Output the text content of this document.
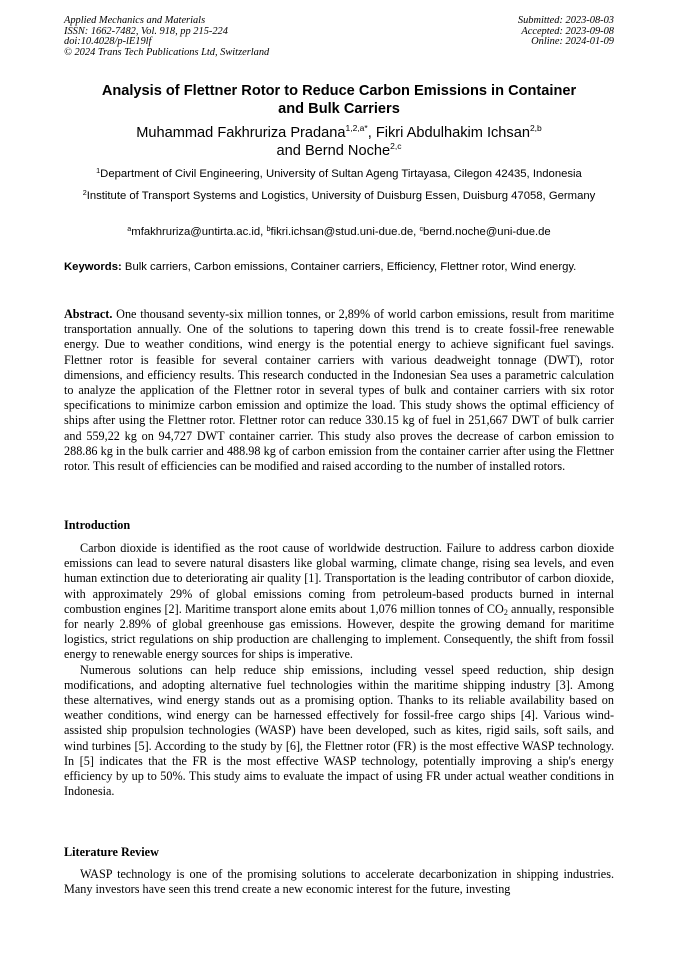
Applied Mechanics and Materials
ISSN: 1662-7482, Vol. 918, pp 215-224
doi:10.4028/p-lE19lf
© 2024 Trans Tech Publications Ltd, Switzerland
Submitted: 2023-08-03
Accepted: 2023-09-08
Online: 2024-01-09
Analysis of Flettner Rotor to Reduce Carbon Emissions in Container
and Bulk Carriers
Muhammad Fakhruriza Pradana$^{1,2,a*}$, Fikri Abdulhakim Ichsan$^{2,b}$
and Bernd Noche$^{2,c}$
$^1$Department of Civil Engineering, University of Sultan Ageng Tirtayasa, Cilegon 42435, Indonesia
$^2$Institute of Transport Systems and Logistics, University of Duisburg Essen, Duisburg 47058, Germany
$^a$mfakhruriza@untirta.ac.id, $^b$fikri.ichsan@stud.uni-due.de, $^c$bernd.noche@uni-due.de
Keywords: Bulk carriers, Carbon emissions, Container carriers, Efficiency, Flettner rotor, Wind energy.
Abstract. One thousand seventy-six million tonnes, or 2,89% of world carbon emissions, result from maritime transportation annually. One of the solutions to tapering down this trend is to create fossil-free renewable energy. Due to weather conditions, wind energy is the potential energy to achieve significant fuel savings. Flettner rotor is feasible for several container carriers with various deadweight tonnage (DWT), rotor dimensions, and efficiency results. This research conducted in the Indonesian Sea uses a parametric calculation to analyze the application of the Flettner rotor in several types of bulk and container carriers with six rotor specifications to minimize carbon emission and optimize the load. This study shows the optimal efficiency of ships after using the Flettner rotor. Flettner rotor can reduce 330.15 kg of fuel in 251,667 DWT of bulk carrier and 559,22 kg on 94,727 DWT container carrier. This study also proves the decrease of carbon emission to 288.86 kg in the bulk carrier and 488.98 kg of carbon emission from the container carrier after using the Flettner rotor. This result of efficiencies can be modified and raised according to the number of installed rotors.
Introduction

Carbon dioxide is identified as the root cause of worldwide destruction. Failure to address carbon dioxide emissions can lead to severe natural disasters like global warming, climate change, rising sea levels, and even human extinction due to deteriorating air quality [1]. Transportation is the leading contributor of carbon dioxide, with approximately 29% of global emissions coming from petroleum-based products burned in internal combustion engines [2]. Maritime transport alone emits about 1,076 million tonnes of $CO_2$ annually, responsible for nearly 2.89% of global greenhouse gas emissions. However, despite the growing demand for maritime logistics, strict regulations on ship production are challenging to implement. Consequently, the shift from fossil energy to renewable energy sources for ships is imperative.

Numerous solutions can help reduce ship emissions, including vessel speed reduction, ship design modifications, and adopting alternative fuel technologies within the maritime shipping industry [3]. Among these alternatives, wind energy stands out as a promising option. Thanks to its reliable availability based on weather conditions, wind energy can be harnessed effectively for fossil-free cargo ships [4]. Various wind-assisted ship propulsion technologies (WASP) have been developed, such as kites, rigid sails, soft sails, and wind turbines [5]. According to the study by [6], the Flettner rotor (FR) is the most effective WASP technology. In [5] indicates that the FR is the most effective WASP technology, potentially improving a ship's energy efficiency by up to 50%. This study aims to evaluate the impact of using FR under actual weather conditions in Indonesia.

Literature Review

WASP technology is one of the promising solutions to accelerate decarbonization in shipping industries. Many investors have seen this trend create a new economic interest for the future, investing
